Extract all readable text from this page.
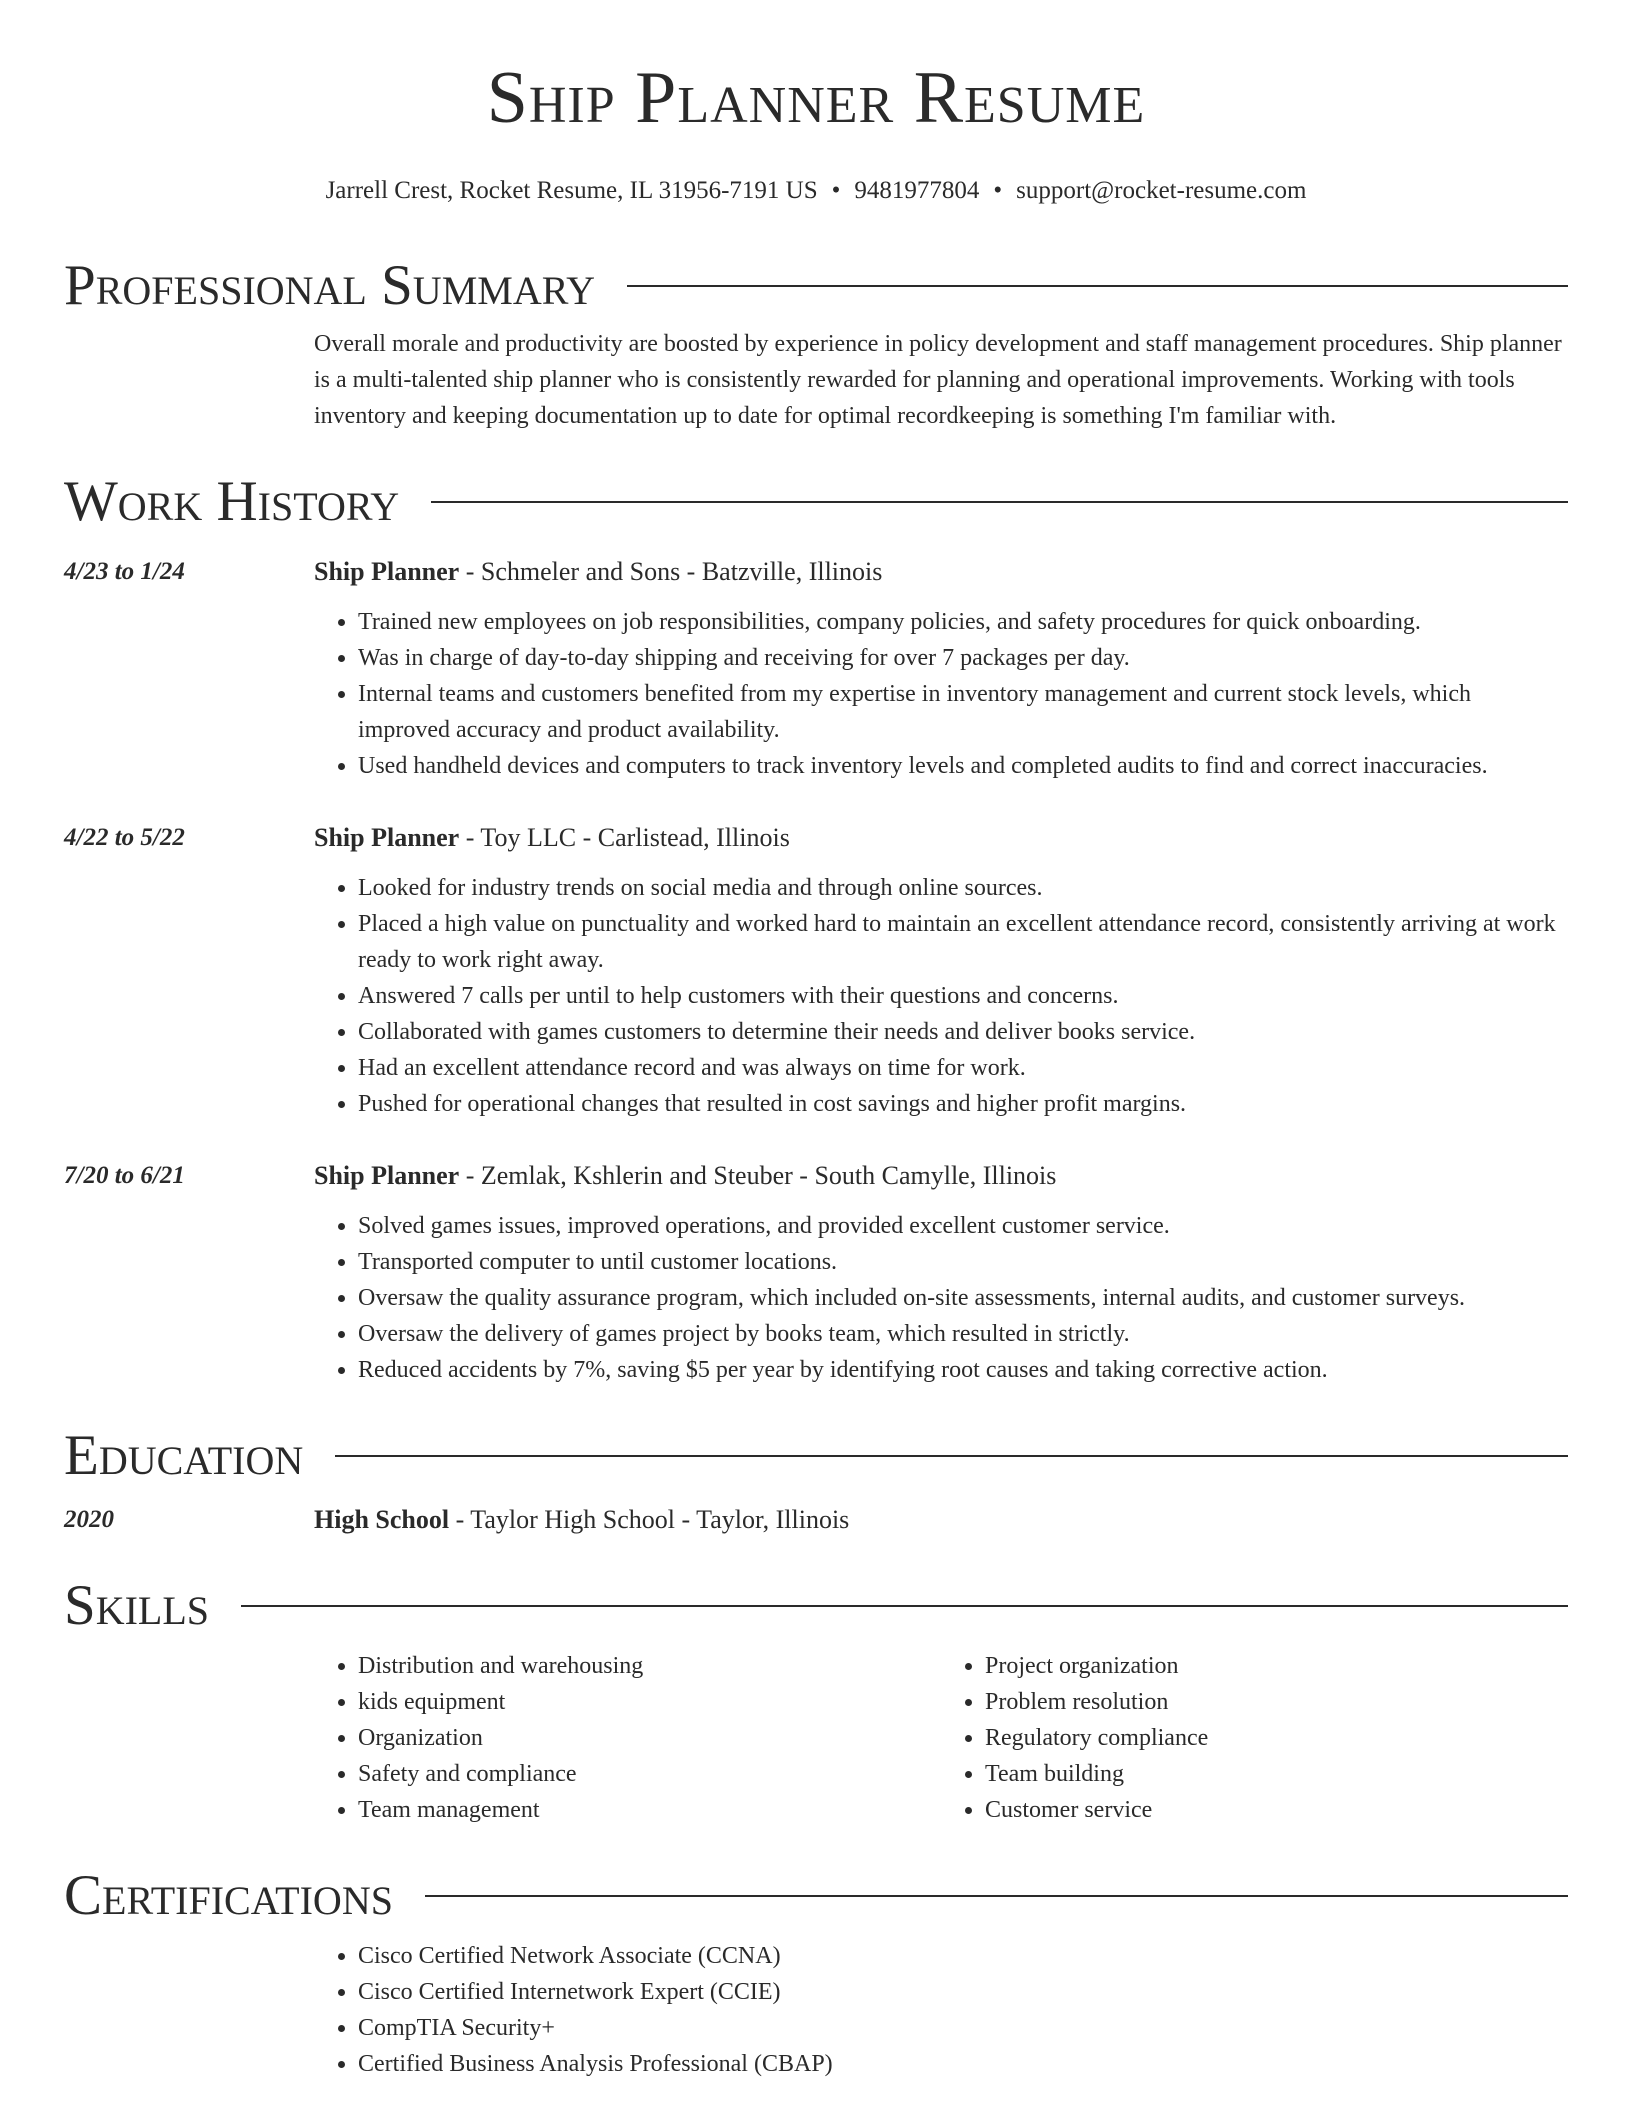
Ship Planner Resume
Jarrell Crest, Rocket Resume, IL 31956-7191 US • 9481977804 • support@rocket-resume.com
Professional Summary
Overall morale and productivity are boosted by experience in policy development and staff management procedures. Ship planner is a multi-talented ship planner who is consistently rewarded for planning and operational improvements. Working with tools inventory and keeping documentation up to date for optimal recordkeeping is something I'm familiar with.
Work History
4/23 to 1/24	Ship Planner - Schmeler and Sons - Batzville, Illinois
• Trained new employees on job responsibilities, company policies, and safety procedures for quick onboarding.
• Was in charge of day-to-day shipping and receiving for over 7 packages per day.
• Internal teams and customers benefited from my expertise in inventory management and current stock levels, which improved accuracy and product availability.
• Used handheld devices and computers to track inventory levels and completed audits to find and correct inaccuracies.
4/22 to 5/22	Ship Planner - Toy LLC - Carlistead, Illinois
• Looked for industry trends on social media and through online sources.
• Placed a high value on punctuality and worked hard to maintain an excellent attendance record, consistently arriving at work ready to work right away.
• Answered 7 calls per until to help customers with their questions and concerns.
• Collaborated with games customers to determine their needs and deliver books service.
• Had an excellent attendance record and was always on time for work.
• Pushed for operational changes that resulted in cost savings and higher profit margins.
7/20 to 6/21	Ship Planner - Zemlak, Kshlerin and Steuber - South Camylle, Illinois
• Solved games issues, improved operations, and provided excellent customer service.
• Transported computer to until customer locations.
• Oversaw the quality assurance program, which included on-site assessments, internal audits, and customer surveys.
• Oversaw the delivery of games project by books team, which resulted in strictly.
• Reduced accidents by 7%, saving $5 per year by identifying root causes and taking corrective action.
Education
2020	High School - Taylor High School - Taylor, Illinois
Skills
• Distribution and warehousing
• kids equipment
• Organization
• Safety and compliance
• Team management
• Project organization
• Problem resolution
• Regulatory compliance
• Team building
• Customer service
Certifications
• Cisco Certified Network Associate (CCNA)
• Cisco Certified Internetwork Expert (CCIE)
• CompTIA Security+
• Certified Business Analysis Professional (CBAP)
